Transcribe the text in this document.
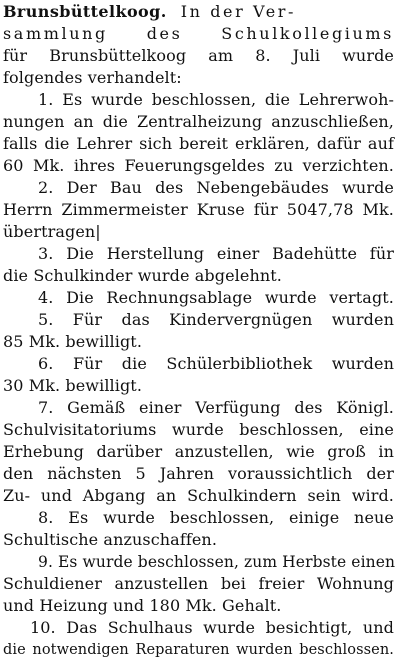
Brunsbüttelkoog. In der Ver-
sammlung des Schulkollegiums
für Brunsbüttelkoog am 8. Juli wurde
folgendes verhandelt:
1. Es wurde beschlossen, die Lehrerwoh-
nungen an die Zentralheizung anzuschließen,
falls die Lehrer sich bereit erklären, dafür auf
60 Mk. ihres Feuerungsgeldes zu verzichten.
2. Der Bau des Nebengebäudes wurde
Herrn Zimmermeister Kruse für 5047,78 Mk.
übertragen|
3. Die Herstellung einer Badehütte für
die Schulkinder wurde abgelehnt.
4. Die Rechnungsablage wurde vertagt.
5. Für das Kindervergnügen wurden
85 Mk. bewilligt.
6. Für die Schülerbibliothek wurden
30 Mk. bewilligt.
7. Gemäß einer Verfügung des Königl.
Schulvisitatoriums wurde beschlossen, eine
Erhebung darüber anzustellen, wie groß in
den nächsten 5 Jahren voraussichtlich der
Zu- und Abgang an Schulkindern sein wird.
8. Es wurde beschlossen, einige neue
Schultische anzuschaffen.
9. Es wurde beschlossen, zum Herbste einen
Schuldiener anzustellen bei freier Wohnung
und Heizung und 180 Mk. Gehalt.
10. Das Schulhaus wurde besichtigt, und
die notwendigen Reparaturen wurden beschlossen.
